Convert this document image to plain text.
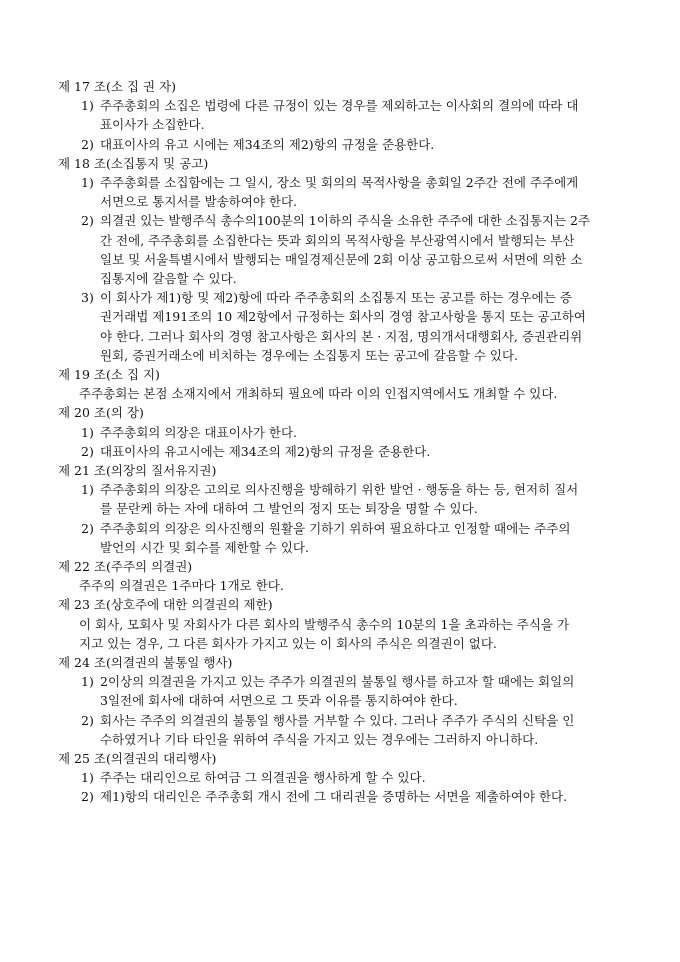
제 17 조(소 집 권 자)
1) 주주총회의 소집은 법령에 다른 규정이 있는 경우를 제외하고는 이사회의 결의에 따라 대
표이사가 소집한다.
2) 대표이사의 유고 시에는 제34조의 제2)항의 규정을 준용한다.
제 18 조(소집통지 및 공고)
1) 주주총회를 소집함에는 그 일시, 장소 및 회의의 목적사항을 총회일 2주간 전에 주주에게
서면으로 통지서를 발송하여야 한다.
2) 의결권 있는 발행주식 총수의100분의 1이하의 주식을 소유한 주주에 대한 소집통지는 2주
간 전에, 주주총회를 소집한다는 뜻과 회의의 목적사항을 부산광역시에서 발행되는 부산
일보 및 서울특별시에서 발행되는 매일경제신문에 2회 이상 공고함으로써 서면에 의한 소
집통지에 갈음할 수 있다.
3) 이 회사가 제1)항 및 제2)항에 따라 주주총회의 소집통지 또는 공고를 하는 경우에는 증
권거래법 제191조의 10 제2항에서 규정하는 회사의 경영 참고사항을 통지 또는 공고하여
야 한다. 그러나 회사의 경영 참고사항은 회사의 본 · 지점, 명의개서대행회사, 증권관리위
원회, 증권거래소에 비치하는 경우에는 소집통지 또는 공고에 갈음할 수 있다.
제 19 조(소 집 지)
주주총회는 본점 소재지에서 개최하되 필요에 따라 이의 인접지역에서도 개최할 수 있다.
제 20 조(의 장)
1) 주주총회의 의장은 대표이사가 한다.
2) 대표이사의 유고시에는 제34조의 제2)항의 규정을 준용한다.
제 21 조(의장의 질서유지권)
1) 주주총회의 의장은 고의로 의사진행을 방해하기 위한 발언 · 행동을 하는 등, 현저히 질서
를 문란케 하는 자에 대하여 그 발언의 정지 또는 퇴장을 명할 수 있다.
2) 주주총회의 의장은 의사진행의 원활을 기하기 위하여 필요하다고 인정할 때에는 주주의
발언의 시간 및 회수를 제한할 수 있다.
제 22 조(주주의 의결권)
주주의 의결권은 1주마다 1개로 한다.
제 23 조(상호주에 대한 의결권의 제한)
이 회사, 모회사 및 자회사가 다른 회사의 발행주식 총수의 10분의 1을 초과하는 주식을 가
지고 있는 경우, 그 다른 회사가 가지고 있는 이 회사의 주식은 의결권이 없다.
제 24 조(의결권의 불통일 행사)
1) 2이상의 의결권을 가지고 있는 주주가 의결권의 불통일 행사를 하고자 할 때에는 회일의
3일전에 회사에 대하여 서면으로 그 뜻과 이유를 통지하여야 한다.
2) 회사는 주주의 의결권의 불통일 행사를 거부할 수 있다. 그러나 주주가 주식의 신탁을 인
수하였거나 기타 타인을 위하여 주식을 가지고 있는 경우에는 그러하지 아니하다.
제 25 조(의결권의 대리행사)
1) 주주는 대리인으로 하여금 그 의결권을 행사하게 할 수 있다.
2) 제1)항의 대리인은 주주총회 개시 전에 그 대리권을 증명하는 서면을 제출하여야 한다.
